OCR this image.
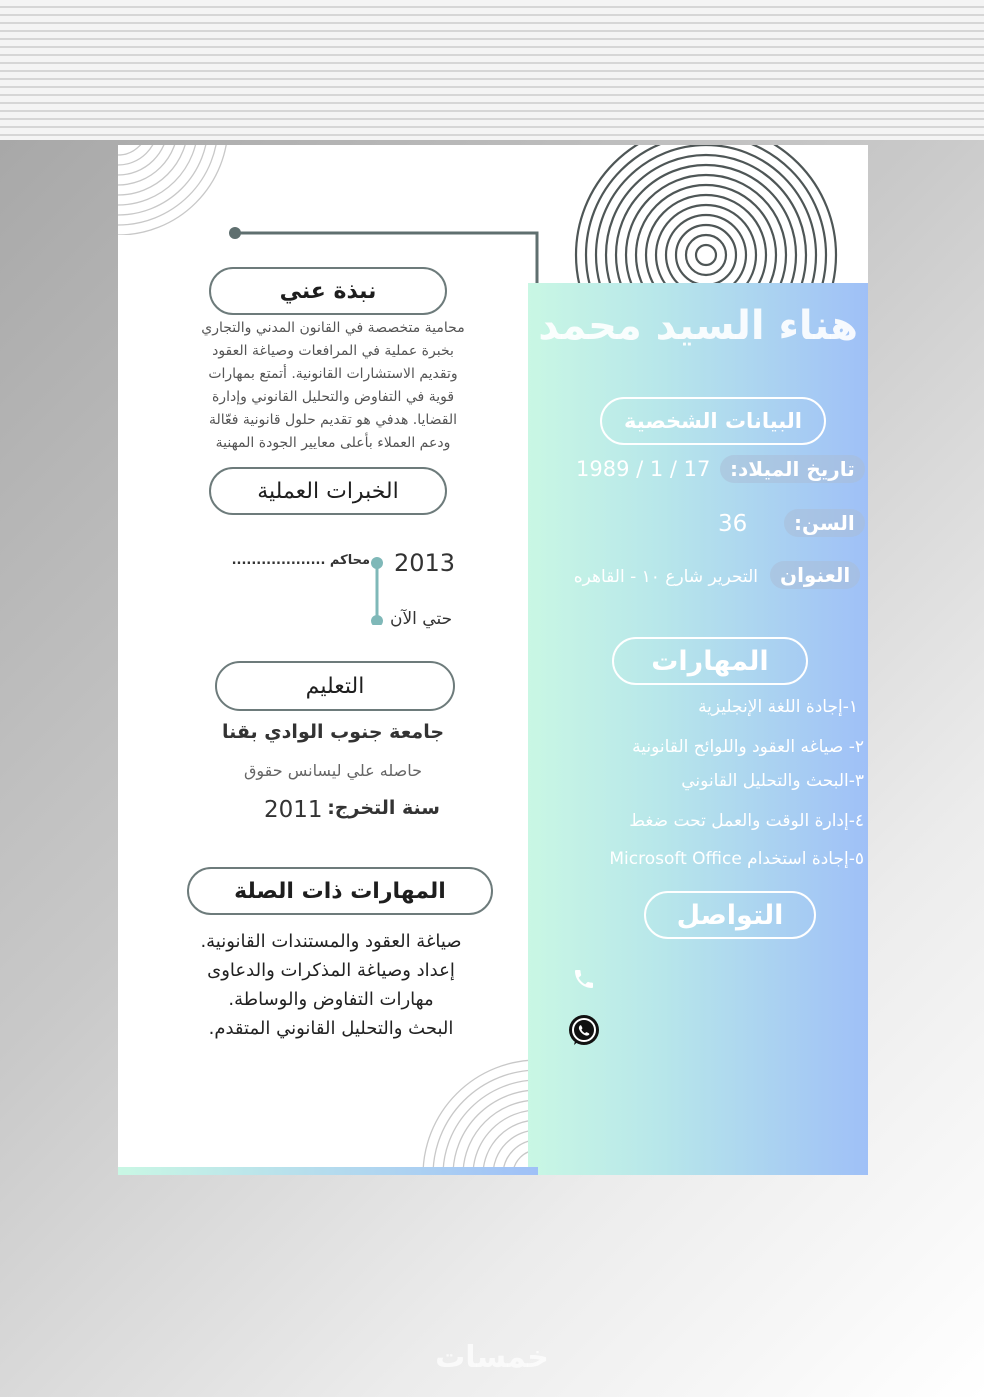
هناء السيد محمد
نبذة عني
محامية متخصصة في القانون المدني والتجاري
بخبرة عملية في المرافعات وصياغة العقود
وتقديم الاستشارات القانونية. أتمتع بمهارات
قوية في التفاوض والتحليل القانوني وإدارة
القضايا. هدفي هو تقديم حلول قانونية فعّالة
ودعم العملاء بأعلى معايير الجودة المهنية
الخبرات العملية
2013
محاكم ...................
حتي الآن
التعليم
جامعة جنوب الوادي بقنا
حاصله علي ليسانس حقوق
سنة التخرج:
2011
المهارات ذات الصلة
صياغة العقود والمستندات القانونية.
إعداد وصياغة المذكرات والدعاوى
مهارات التفاوض والوساطة.
البحث والتحليل القانوني المتقدم.
البيانات الشخصية
تاريخ الميلاد:
1989 / 1 / 17
السن:
36
العنوان
التحرير شارع ١٠ - القاهره
المهارات
١-إجادة اللغة الإنجليزية
٢- صياغه العقود واللوائح القانونية
٣-البحث والتحليل القانوني
٤-إدارة الوقت والعمل تحت ضغط
٥-إجادة استخدام Microsoft Office
التواصل
خمسات
